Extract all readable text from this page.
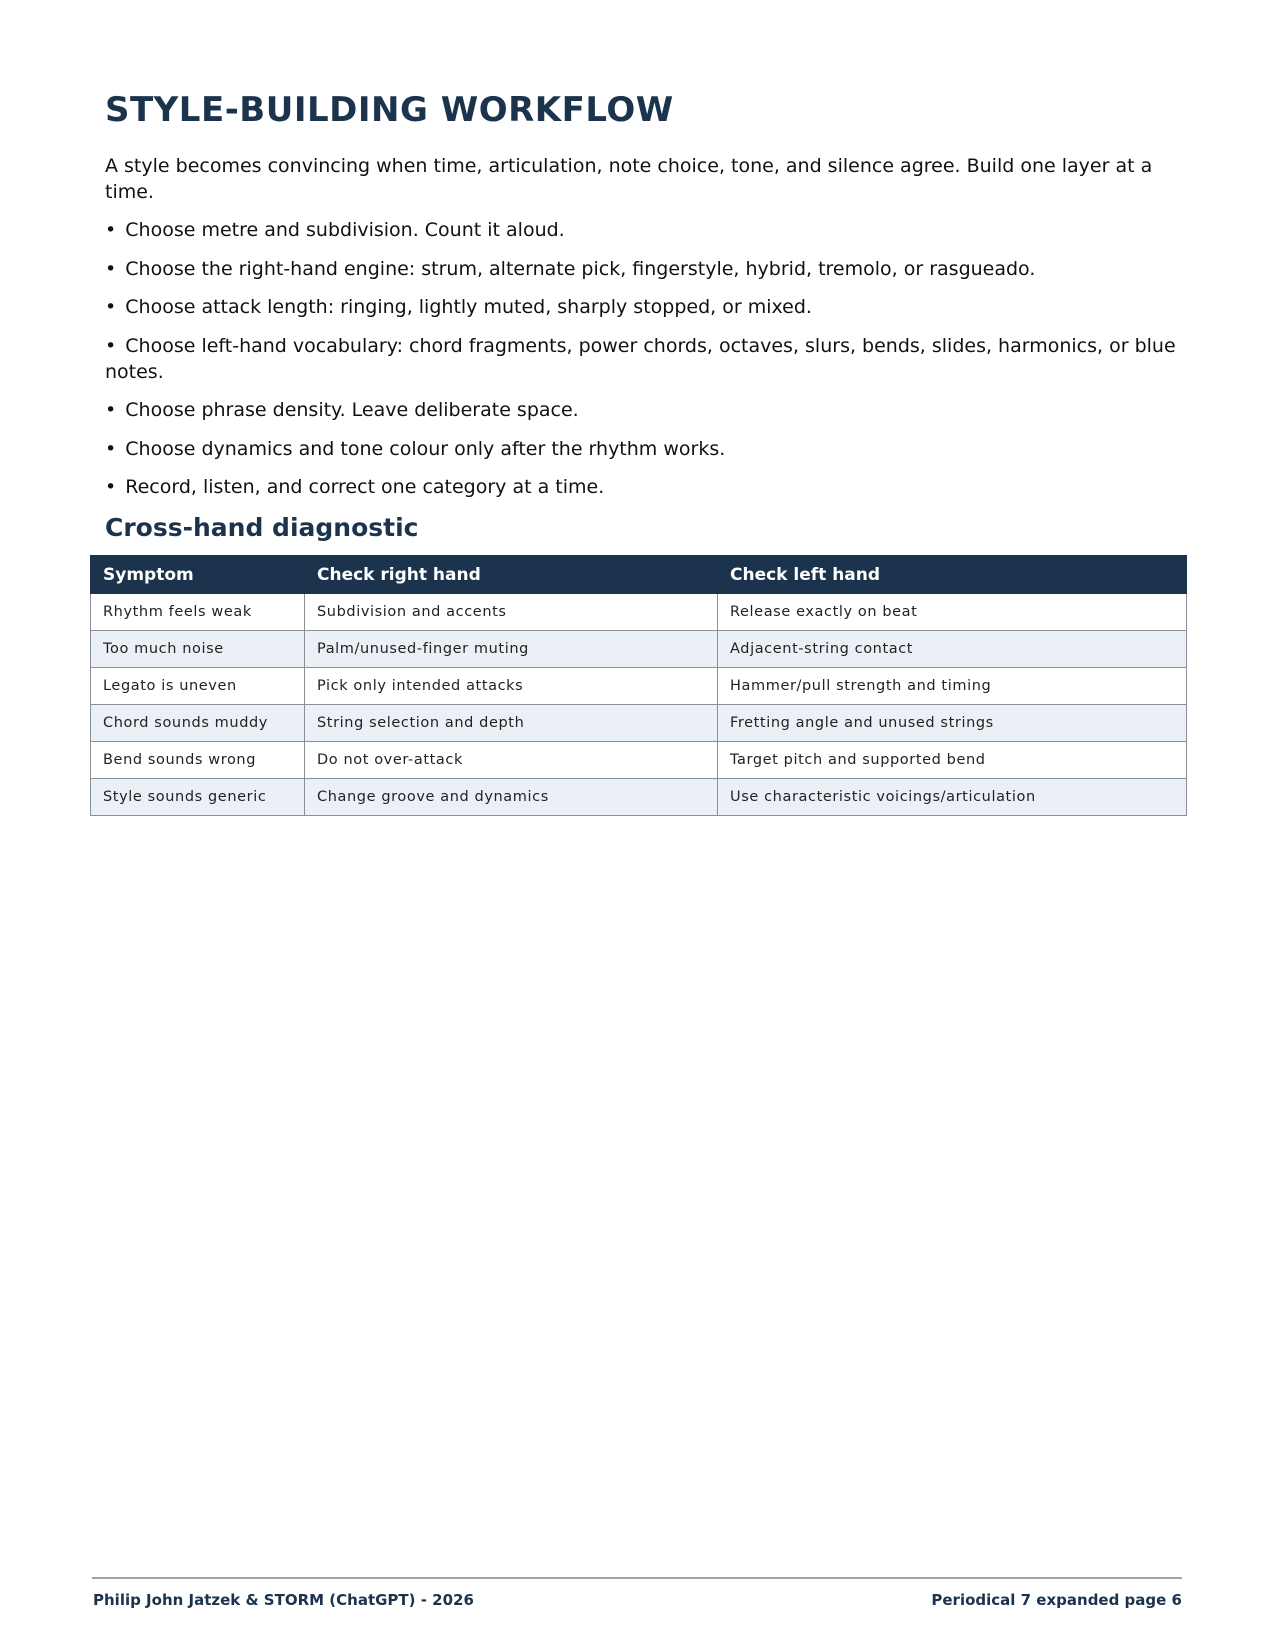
STYLE-BUILDING WORKFLOW

A style becomes convincing when time, articulation, note choice, tone, and silence agree. Build one layer at a time.

• Choose metre and subdivision. Count it aloud.
• Choose the right-hand engine: strum, alternate pick, fingerstyle, hybrid, tremolo, or rasgueado.
• Choose attack length: ringing, lightly muted, sharply stopped, or mixed.
• Choose left-hand vocabulary: chord fragments, power chords, octaves, slurs, bends, slides, harmonics, or blue notes.
• Choose phrase density. Leave deliberate space.
• Choose dynamics and tone colour only after the rhythm works.
• Record, listen, and correct one category at a time.
Cross-hand diagnostic
Symptom	Check right hand	Check left hand
Rhythm feels weak	Subdivision and accents	Release exactly on beat
Too much noise	Palm/unused-finger muting	Adjacent-string contact
Legato is uneven	Pick only intended attacks	Hammer/pull strength and timing
Chord sounds muddy	String selection and depth	Fretting angle and unused strings
Bend sounds wrong	Do not over-attack	Target pitch and supported bend
Style sounds generic	Change groove and dynamics	Use characteristic voicings/articulation
Philip John Jatzek & STORM (ChatGPT) - 2026	Periodical 7 expanded page 6
